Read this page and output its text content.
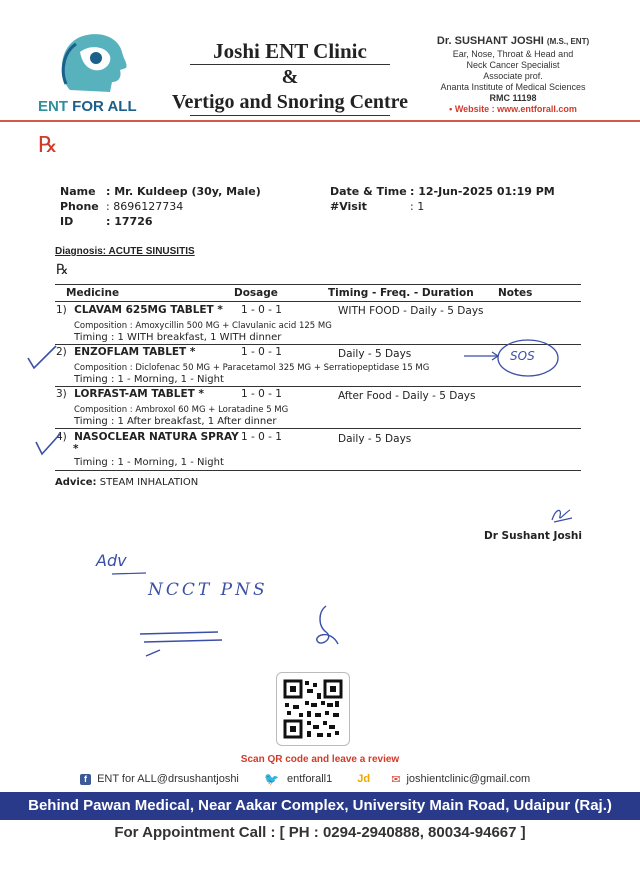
ENT FOR ALL
Joshi ENT Clinic
&
Vertigo and Snoring Centre
Dr. SUSHANT JOSHI (M.S., ENT)
Ear, Nose, Throat & Head and
Neck Cancer Specialist
Associate prof.
Ananta Institute of Medical Sciences
RMC 11198
• Website : www.entforall.com
℞
Name : Mr. Kuldeep (30y, Male)
Phone : 8696127734
ID	: 17726
Date & Time : 12-Jun-2025 01:19 PM
#Visit	: 1
Diagnosis: ACUTE SINUSITIS
℞
Medicine	Dosage	Timing - Freq. - Duration Notes
1) CLAVAM 625MG TABLET * 1 - 0 - 1	WITH FOOD - Daily - 5 Days
Composition : Amoxycillin 500 MG + Clavulanic acid 125 MG
Timing : 1 WITH breakfast, 1 WITH dinner
2) ENZOFLAM TABLET *	1 - 0 - 1	Daily - 5 Days
Composition : Diclofenac 50 MG + Paracetamol 325 MG + Serratiopeptidase 15 MG
Timing : 1 - Morning, 1 - Night
3) LORFAST-AM TABLET *	1 - 0 - 1	After Food - Daily - 5 Days
Composition : Ambroxol 60 MG + Loratadine 5 MG
Timing : 1 After breakfast, 1 After dinner
4) NASOCLEAR NATURA SPRAY
*
1 - 0 - 1	Daily - 5 Days
Timing : 1 - Morning, 1 - Night
Advice: STEAM INHALATION
Dr Sushant Joshi
SOS
Adv
NCCT PNS
Scan QR code and leave a review
f ENT for ALL@drsushantjoshi 🐦 entforall1 Jd ✉ joshientclinic@gmail.com
Behind Pawan Medical, Near Aakar Complex, University Main Road, Udaipur (Raj.)
For Appointment Call : [ PH : 0294-2940888, 80034-94667 ]
